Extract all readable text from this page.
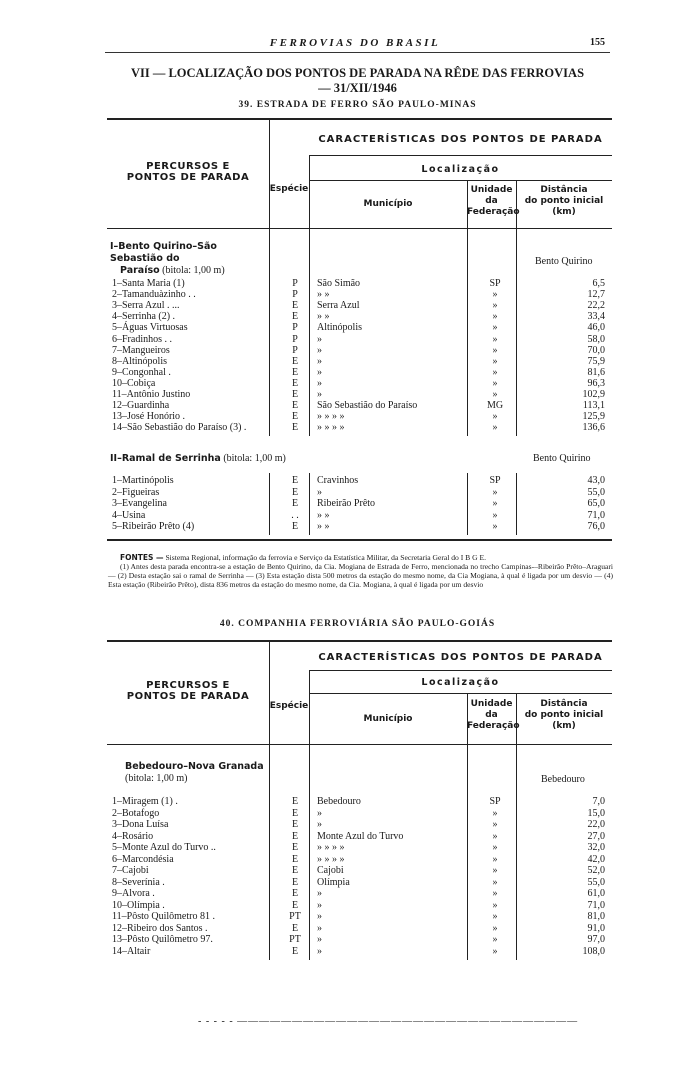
FERROVIAS DO BRASIL	155
VII — LOCALIZAÇÃO DOS PONTOS DE PARADA NA RÊDE DAS FERROVIAS
— 31/XII/1946
39. ESTRADA DE FERRO SÃO PAULO-MINAS
PERCURSOS E
PONTOS DE PARADA
CARACTERÍSTICAS DOS PONTOS DE PARADA
Localização
Espécie
Município
Unidade
da
Federação
Distância
do ponto inicial
(km)
I–Bento Quirino–São Sebastião do
Paraíso (bitola: 1,00 m)
Bento Quirino
1–Santa Maria (1)	P	São Simão	SP	6,5
2–Tamanduàzinho . .	P	» »	»	12,7
3–Serra Azul . ...	E	Serra Azul	»	22,2
4–Serrinha (2) .	E	» »	»	33,4
5–Águas Virtuosas	P	Altinópolis	»	46,0
6–Fradinhos . .	P	»	»	58,0
7–Mangueiros	P	»	»	70,0
8–Altinópolis	E	»	»	75,9
9–Congonhal .	E	»	»	81,6
10–Cobiça	E	»	»	96,3
11–Antônio Justino	E	»	»	102,9
12–Guardinha	E	São Sebastião do Paraíso	MG	113,1
13–José Honório .	E	» » » »	»	125,9
14–São Sebastião do Paraíso (3) .	E	» » » »	»	136,6
II–Ramal de Serrinha (bitola: 1,00 m)	Bento Quirino
1–Martinópolis	E	Cravinhos	SP	43,0
2–Figueiras	E	»	»	55,0
3–Evangelina	E	Ribeirão Prêto	»	65,0
4–Usina	. .	» »	»	71,0
5–Ribeirão Prêto (4)	E	» »	»	76,0
FONTES — Sistema Regional, informação da ferrovia e Serviço da Estatística Militar, da Secretaria Geral do I B G E.
(1) Antes desta parada encontra-se a estação de Bento Quirino, da Cia. Mogiana de Estrada de Ferro, mencionada no trecho Campinas-–Ribeirão Prêto–Araguari — (2) Desta estação sai o ramal de Serrinha — (3) Esta estação dista 500 metros da estação do mesmo nome, da Cia Mogiana, à qual é ligada por um desvio — (4) Esta estação (Ribeirão Prêto), dista 836 metros da estação do mesmo nome, da Cia. Mogiana, à qual é ligada por um desvio
40. COMPANHIA FERROVIÁRIA SÃO PAULO-GOIÁS
PERCURSOS E
PONTOS DE PARADA
CARACTERÍSTICAS DOS PONTOS DE PARADA
Localização
Espécie
Município
Unidade
da
Federação
Distância
do ponto inicial
(km)
Bebedouro–Nova Granada (bitola: 1,00 m)	Bebedouro
1–Miragem (1) .	E	Bebedouro	SP	7,0
2–Botafogo	E	»	»	15,0
3–Dona Luísa	E	»	»	22,0
4–Rosário	E	Monte Azul do Turvo	»	27,0
5–Monte Azul do Turvo ..	E	» » » »	»	32,0
6–Marcondésia	E	» » » »	»	42,0
7–Cajobi	E	Cajobi	»	52,0
8–Severínia .	E	Olímpia	»	55,0
9–Alvora .	E	»	»	61,0
10–Olímpia .	E	»	»	71,0
11–Pôsto Quilômetro 81 .	PT	»	»	81,0
12–Ribeiro dos Santos .	E	»	»	91,0
13–Pôsto Quilômetro 97.	PT	»	»	97,0
14–Altair	E	»	»	108,0
- - - - - ———————————————————————————————
